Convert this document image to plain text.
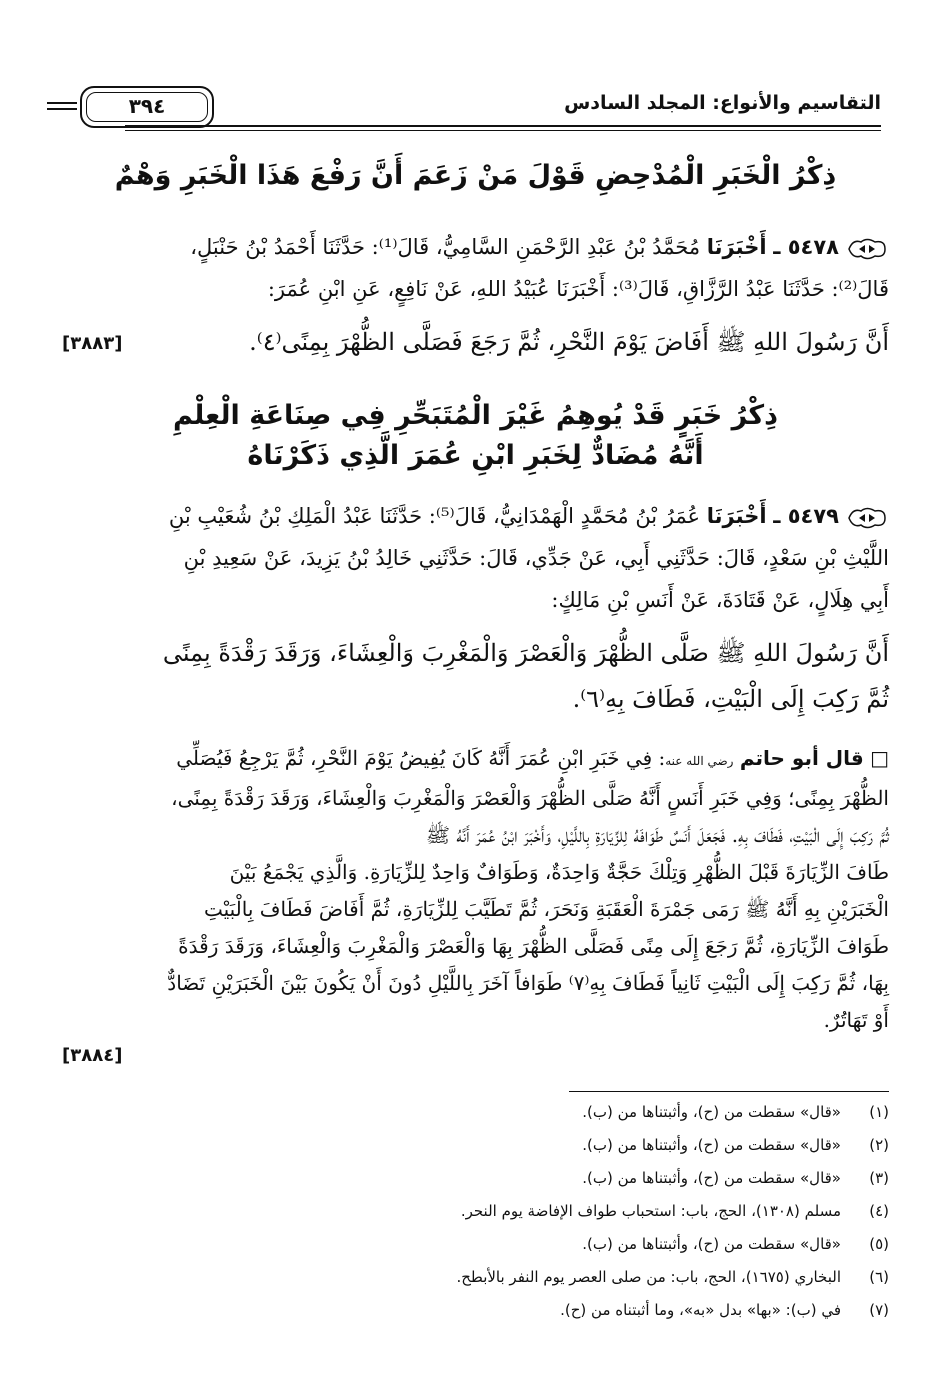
التقاسيم والأنواع: المجلد السادس
٣٩٤
ذِكْرُ الْخَبَرِ الْمُدْحِضِ قَوْلَ مَنْ زَعَمَ أَنَّ رَفْعَ هَذَا الْخَبَرِ وَهْمٌ
٥٤٧٨ ـ أَخْبَرَنَا مُحَمَّدُ بْنُ عَبْدِ الرَّحْمَنِ السَّامِيُّ، قَالَ⁽¹⁾: حَدَّثَنَا أَحْمَدُ بْنُ حَنْبَلٍ،
قَالَ⁽²⁾: حَدَّثَنَا عَبْدُ الرَّزَّاقِ، قَالَ⁽³⁾: أَخْبَرَنَا عُبَيْدُ اللهِ، عَنْ نَافِعٍ، عَنِ ابْنِ عُمَرَ:
أَنَّ رَسُولَ اللهِ ﷺ أَفَاضَ يَوْمَ النَّحْرِ، ثُمَّ رَجَعَ فَصَلَّى الظُّهْرَ بِمِنًى⁽٤⁾.
[٣٨٨٣]
ذِكْرُ خَبَرٍ قَدْ يُوهِمُ غَيْرَ الْمُتَبَحِّرِ فِي صِنَاعَةِ الْعِلْمِ
أَنَّهُ مُضَادٌّ لِخَبَرِ ابْنِ عُمَرَ الَّذِي ذَكَرْنَاهُ
٥٤٧٩ ـ أَخْبَرَنَا عُمَرُ بْنُ مُحَمَّدٍ الْهَمْدَانِيُّ، قَالَ⁽⁵⁾: حَدَّثَنَا عَبْدُ الْمَلِكِ بْنُ شُعَيْبِ بْنِ
اللَّيْثِ بْنِ سَعْدٍ، قَالَ: حَدَّثَنِي أَبِي، عَنْ جَدِّي، قَالَ: حَدَّثَنِي خَالِدُ بْنُ يَزِيدَ، عَنْ سَعِيدِ بْنِ
أَبِي هِلَالٍ، عَنْ قَتَادَةَ، عَنْ أَنَسِ بْنِ مَالِكٍ:
أَنَّ رَسُولَ اللهِ ﷺ صَلَّى الظُّهْرَ وَالْعَصْرَ وَالْمَغْرِبَ وَالْعِشَاءَ، وَرَقَدَ رَقْدَةً بِمِنًى
ثُمَّ رَكِبَ إِلَى الْبَيْتِ، فَطَافَ بِهِ⁽٦⁾.
□ قال أبو حاتم رضي الله عنه: فِي خَبَرِ ابْنِ عُمَرَ أَنَّهُ كَانَ يُفِيضُ يَوْمَ النَّحْرِ، ثُمَّ يَرْجِعُ فَيُصَلِّي
الظُّهْرَ بِمِنًى؛ وَفِي خَبَرِ أَنَسٍ أَنَّهُ صَلَّى الظُّهْرَ وَالْعَصْرَ وَالْمَغْرِبَ وَالْعِشَاءَ، وَرَقَدَ رَقْدَةً بِمِنًى،
ثُمَّ رَكِبَ إِلَى الْبَيْتِ، فَطَافَ بِهِ. فَجَعَلَ أَنَسٌ طَوَافَهُ لِلزِّيَارَةِ بِاللَّيْلِ، وَأَخْبَرَ ابْنُ عُمَرَ أَنَّهُ ﷺ
طَافَ الزِّيَارَةَ قَبْلَ الظُّهْرِ وَتِلْكَ حَجَّةٌ وَاحِدَةٌ، وَطَوَافٌ وَاحِدٌ لِلزِّيَارَةِ. وَالَّذِي يَجْمَعُ بَيْنَ
الْخَبَرَيْنِ بِهِ أَنَّهُ ﷺ رَمَى جَمْرَةَ الْعَقَبَةِ وَنَحَرَ، ثُمَّ تَطَيَّبَ لِلزِّيَارَةِ، ثُمَّ أَفَاضَ فَطَافَ بِالْبَيْتِ
طَوَافَ الزِّيَارَةِ، ثُمَّ رَجَعَ إِلَى مِنًى فَصَلَّى الظُّهْرَ بِهَا وَالْعَصْرَ وَالْمَغْرِبَ وَالْعِشَاءَ، وَرَقَدَ رَقْدَةً
بِهَا، ثُمَّ رَكِبَ إِلَى الْبَيْتِ ثَانِياً فَطَافَ بِهِ⁽٧⁾ طَوَافاً آخَرَ بِاللَّيْلِ دُونَ أَنْ يَكُونَ بَيْنَ الْخَبَرَيْنِ تَضَادٌّ
أَوْ تَهَاتُرٌ.
[٣٨٨٤]
(١)«قال» سقطت من (ح)، وأثبتناها من (ب).
(٢)«قال» سقطت من (ح)، وأثبتناها من (ب).
(٣)«قال» سقطت من (ح)، وأثبتناها من (ب).
(٤)مسلم (١٣٠٨)، الحج، باب: استحباب طواف الإفاضة يوم النحر.
(٥)«قال» سقطت من (ح)، وأثبتناها من (ب).
(٦)البخاري (١٦٧٥)، الحج، باب: من صلى العصر يوم النفر بالأبطح.
(٧)في (ب): «بها» بدل «به»، وما أثبتناه من (ح).
